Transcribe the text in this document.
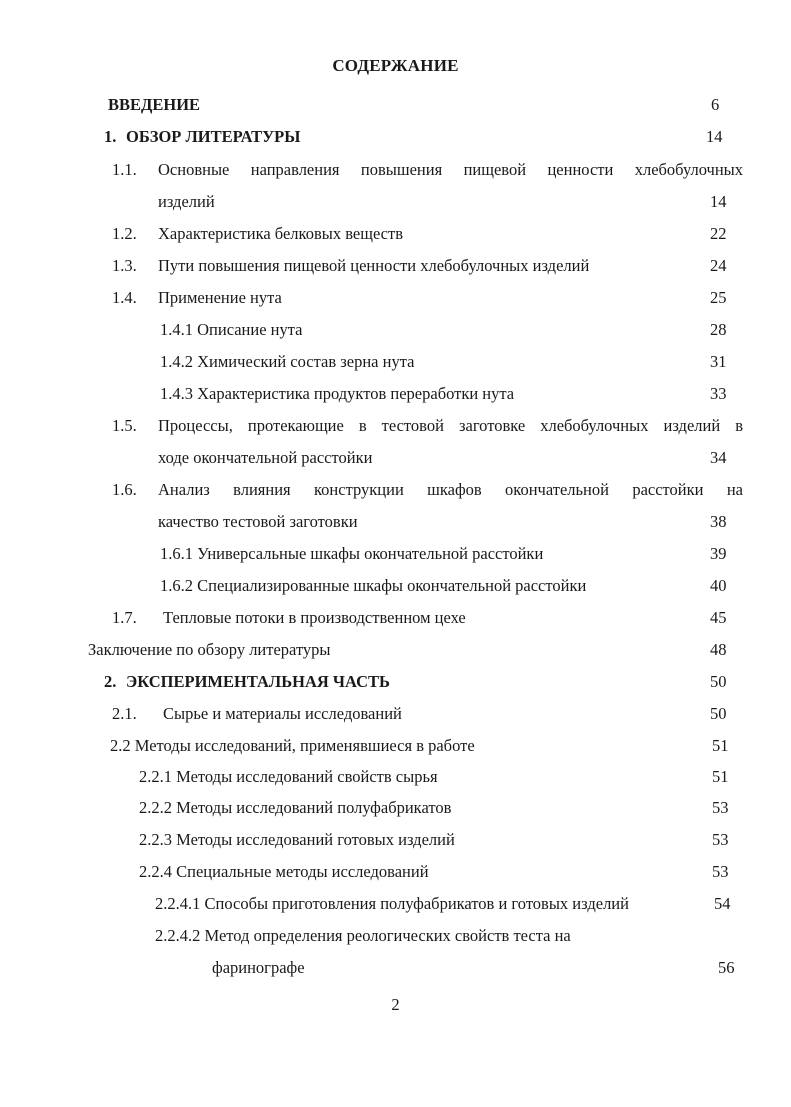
СОДЕРЖАНИЕ
ВВЕДЕНИЕ	6
1. ОБЗОР ЛИТЕРАТУРЫ	14
1.1. Основные направления повышения пищевой ценности хлебобулочных
изделий	14
1.2. Характеристика белковых веществ	22
1.3. Пути повышения пищевой ценности хлебобулочных изделий	24
1.4. Применение нута	25
1.4.1 Описание нута	28
1.4.2 Химический состав зерна нута	31
1.4.3 Характеристика продуктов переработки нута	33
1.5. Процессы, протекающие в тестовой заготовке хлебобулочных изделий в
ходе окончательной расстойки	34
1.6. Анализ влияния конструкции шкафов окончательной расстойки на
качество тестовой заготовки	38
1.6.1 Универсальные шкафы окончательной расстойки	39
1.6.2 Специализированные шкафы окончательной расстойки	40
1.7. Тепловые потоки в производственном цехе	45
Заключение по обзору литературы	48
2. ЭКСПЕРИМЕНТАЛЬНАЯ ЧАСТЬ	50
2.1. Сырье и материалы исследований	50
2.2 Методы исследований, применявшиеся в работе	51
2.2.1 Методы исследований свойств сырья	51
2.2.2 Методы исследований полуфабрикатов	53
2.2.3 Методы исследований готовых изделий	53
2.2.4 Специальные методы исследований	53
2.2.4.1 Способы приготовления полуфабрикатов и готовых изделий	54
2.2.4.2 Метод определения реологических свойств теста на
фаринографе	56
2
